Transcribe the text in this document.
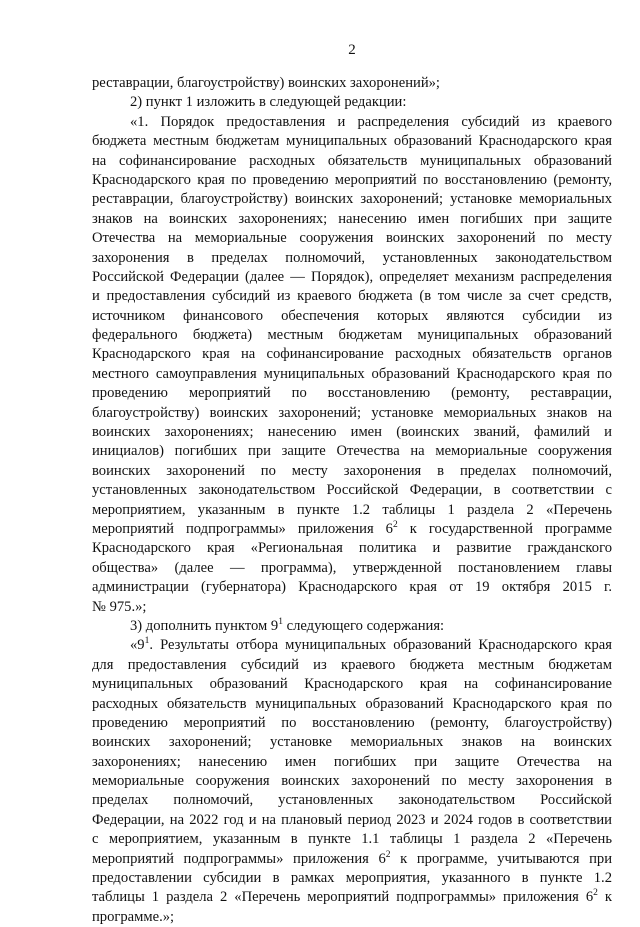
2
реставрации, благоустройству) воинских захоронений»;
2) пункт 1 изложить в следующей редакции:
«1. Порядок предоставления и распределения субсидий из краевого
бюджета местным бюджетам муниципальных образований Краснодарского края
на софинансирование расходных обязательств муниципальных образований
Краснодарского края по проведению мероприятий по восстановлению (ремонту,
реставрации, благоустройству) воинских захоронений; установке мемориальных
знаков на воинских захоронениях; нанесению имен погибших при защите
Отечества на мемориальные сооружения воинских захоронений по месту
захоронения в пределах полномочий, установленных законодательством
Российской Федерации (далее — Порядок), определяет механизм распределения
и предоставления субсидий из краевого бюджета (в том числе за счет средств,
источником финансового обеспечения которых являются субсидии из
федерального бюджета) местным бюджетам муниципальных образований
Краснодарского края на софинансирование расходных обязательств органов
местного самоуправления муниципальных образований Краснодарского края по
проведению мероприятий по восстановлению (ремонту, реставрации,
благоустройству) воинских захоронений; установке мемориальных знаков на
воинских захоронениях; нанесению имен (воинских званий, фамилий и
инициалов) погибших при защите Отечества на мемориальные сооружения
воинских захоронений по месту захоронения в пределах полномочий,
установленных законодательством Российской Федерации, в соответствии с
мероприятием, указанным в пункте 1.2 таблицы 1 раздела 2 «Перечень
мероприятий подпрограммы» приложения $6^2$ к государственной программе
Краснодарского края «Региональная политика и развитие гражданского
общества» (далее — программа), утвержденной постановлением главы
администрации (губернатора) Краснодарского края от 19 октября 2015 г.
№ 975.»;
3) дополнить пунктом $9^1$ следующего содержания:
«$9^1$. Результаты отбора муниципальных образований Краснодарского края
для предоставления субсидий из краевого бюджета местным бюджетам
муниципальных образований Краснодарского края на софинансирование
расходных обязательств муниципальных образований Краснодарского края по
проведению мероприятий по восстановлению (ремонту, благоустройству)
воинских захоронений; установке мемориальных знаков на воинских
захоронениях; нанесению имен погибших при защите Отечества на
мемориальные сооружения воинских захоронений по месту захоронения в
пределах полномочий, установленных законодательством Российской
Федерации, на 2022 год и на плановый период 2023 и 2024 годов в соответствии
с мероприятием, указанным в пункте 1.1 таблицы 1 раздела 2 «Перечень
мероприятий подпрограммы» приложения $6^2$ к программе, учитываются при
предоставлении субсидии в рамках мероприятия, указанного в пункте 1.2
таблицы 1 раздела 2 «Перечень мероприятий подпрограммы» приложения $6^2$ к
программе.»;
